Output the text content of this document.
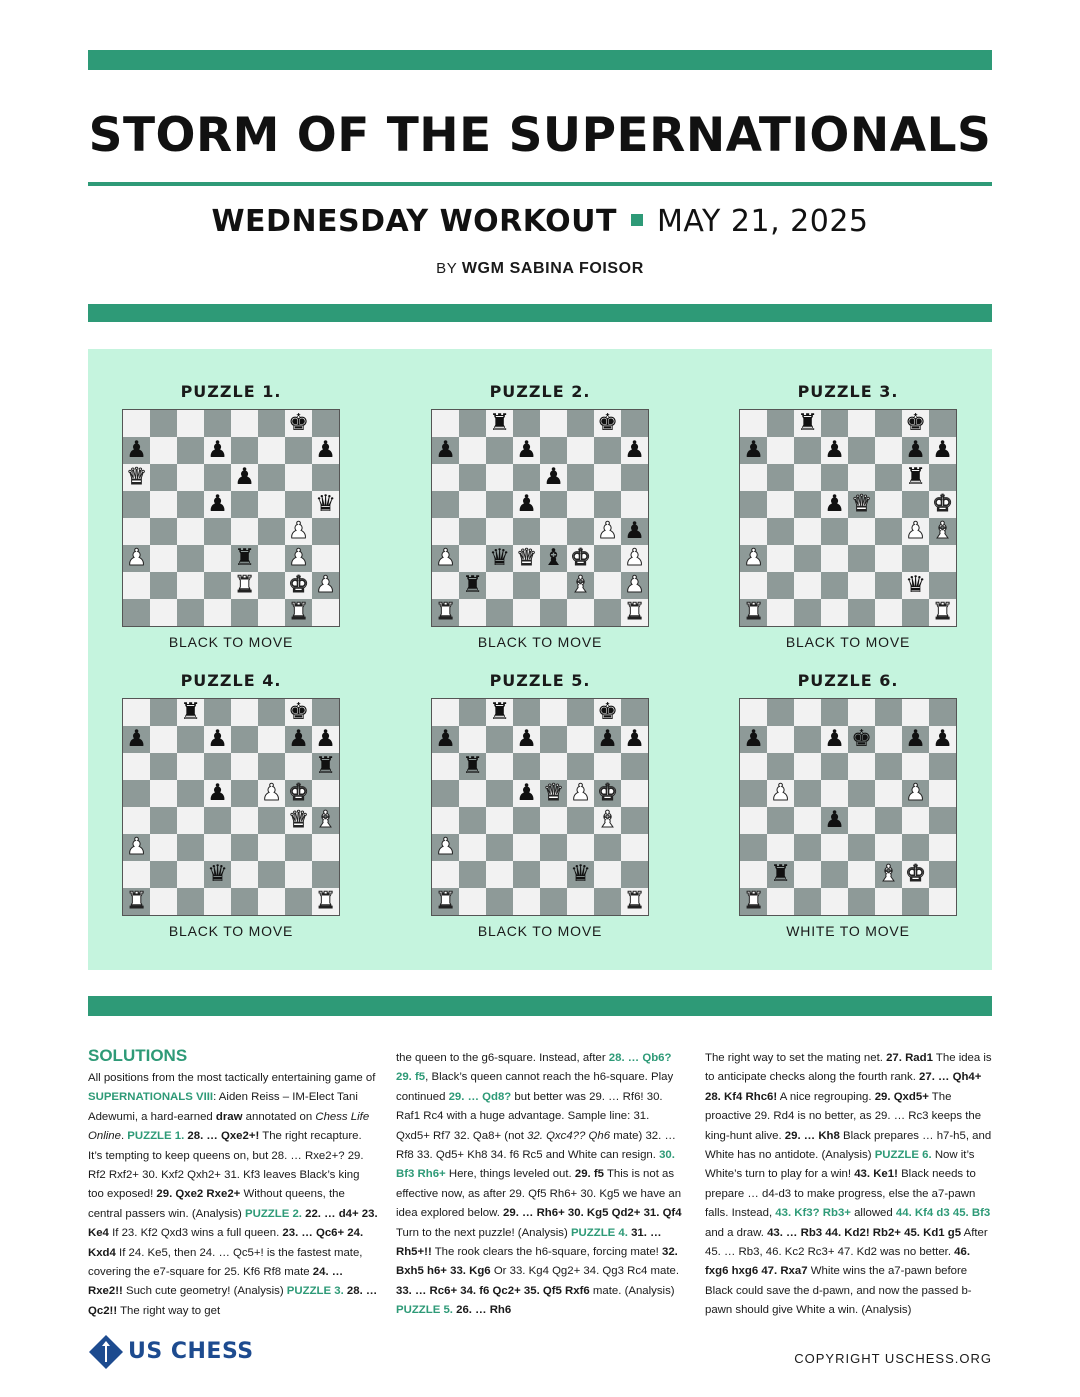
STORM OF THE SUPERNATIONALS
WEDNESDAY WORKOUT MAY 21, 2025
BY WGM SABINA FOISOR
PUZZLE 1.
♚
♟	♟	♟
♛	♟
♟	♛
♟
♟	♜ ♟
♜ ♚ ♟
♜
BLACK TO MOVE
PUZZLE 2.
♜	♚
♟	♟	♟
♟
♟
♟ ♟
♟ ♛ ♛ ♝ ♚ ♟
♜	♝ ♟
♜	♜
BLACK TO MOVE
PUZZLE 3.
♜	♚
♟	♟	♟ ♟
♜
♟ ♛	♚
♟ ♝
♟
♛
♜	♜
BLACK TO MOVE
PUZZLE 4.
♜	♚
♟	♟	♟ ♟
♜
♟ ♟ ♚
♛ ♝
♟
♛
♜	♜
BLACK TO MOVE
PUZZLE 5.
♜	♚
♟	♟	♟ ♟
♜
♟ ♛ ♟ ♚
♝
♟
♛
♜	♜
BLACK TO MOVE
PUZZLE 6.
♟	♟ ♚ ♟ ♟
♟	♟
♟
♜	♝ ♚
♜
WHITE TO MOVE
SOLUTIONS
All positions from the most tactically entertaining game of SUPERNATIONALS VIII: Aiden Reiss – IM-Elect Tani Adewumi, a hard-earned draw annotated on Chess Life Online. PUZZLE 1. 28. … Qxe2+! The right recapture. It’s tempting to keep queens on, but 28. … Rxe2+? 29. Rf2 Rxf2+ 30. Kxf2 Qxh2+ 31. Kf3 leaves Black’s king too exposed! 29. Qxe2 Rxe2+ Without queens, the central passers win. (Analysis) PUZZLE 2. 22. … d4+ 23. Ke4 If 23. Kf2 Qxd3 wins a full queen. 23. … Qc6+ 24. Kxd4 If 24. Ke5, then 24. … Qc5+! is the fastest mate, covering the e7-square for 25. Kf6 Rf8 mate 24. … Rxe2!! Such cute geometry! (Analysis) PUZZLE 3. 28. … Qc2!! The right way to get
the queen to the g6-square. Instead, after 28. … Qb6? 29. f5, Black’s queen cannot reach the h6-square. Play continued 29. … Qd8? but better was 29. … Rf6! 30. Raf1 Rc4 with a huge advantage. Sample line: 31. Qxd5+ Rf7 32. Qa8+ (not 32. Qxc4?? Qh6 mate) 32. … Rf8 33. Qd5+ Kh8 34. f6 Rc5 and White can resign. 30. Bf3 Rh6+ Here, things leveled out. 29. f5 This is not as effective now, as after 29. Qf5 Rh6+ 30. Kg5 we have an idea explored below. 29. … Rh6+ 30. Kg5 Qd2+ 31. Qf4 Turn to the next puzzle! (Analysis) PUZZLE 4. 31. … Rh5+!! The rook clears the h6-square, forcing mate! 32. Bxh5 h6+ 33. Kg6 Or 33. Kg4 Qg2+ 34. Qg3 Rc4 mate. 33. … Rc6+ 34. f6 Qc2+ 35. Qf5 Rxf6 mate. (Analysis) PUZZLE 5. 26. … Rh6
The right way to set the mating net. 27. Rad1 The idea is to anticipate checks along the fourth rank. 27. … Qh4+ 28. Kf4 Rhc6! A nice regrouping. 29. Qxd5+ The proactive 29. Rd4 is no better, as 29. … Rc3 keeps the king-hunt alive. 29. … Kh8 Black prepares … h7-h5, and White has no antidote. (Analysis) PUZZLE 6. Now it’s White’s turn to play for a win! 43. Ke1! Black needs to prepare … d4-d3 to make progress, else the a7-pawn falls. Instead, 43. Kf3? Rb3+ allowed 44. Kf4 d3 45. Bf3 and a draw. 43. … Rb3 44. Kd2! Rb2+ 45. Kd1 g5 After 45. … Rb3, 46. Kc2 Rc3+ 47. Kd2 was no better. 46. fxg6 hxg6 47. Rxa7 White wins the a7-pawn before Black could save the d-pawn, and now the passed b-pawn should give White a win. (Analysis)
US CHESS	COPYRIGHT USCHESS.ORG
